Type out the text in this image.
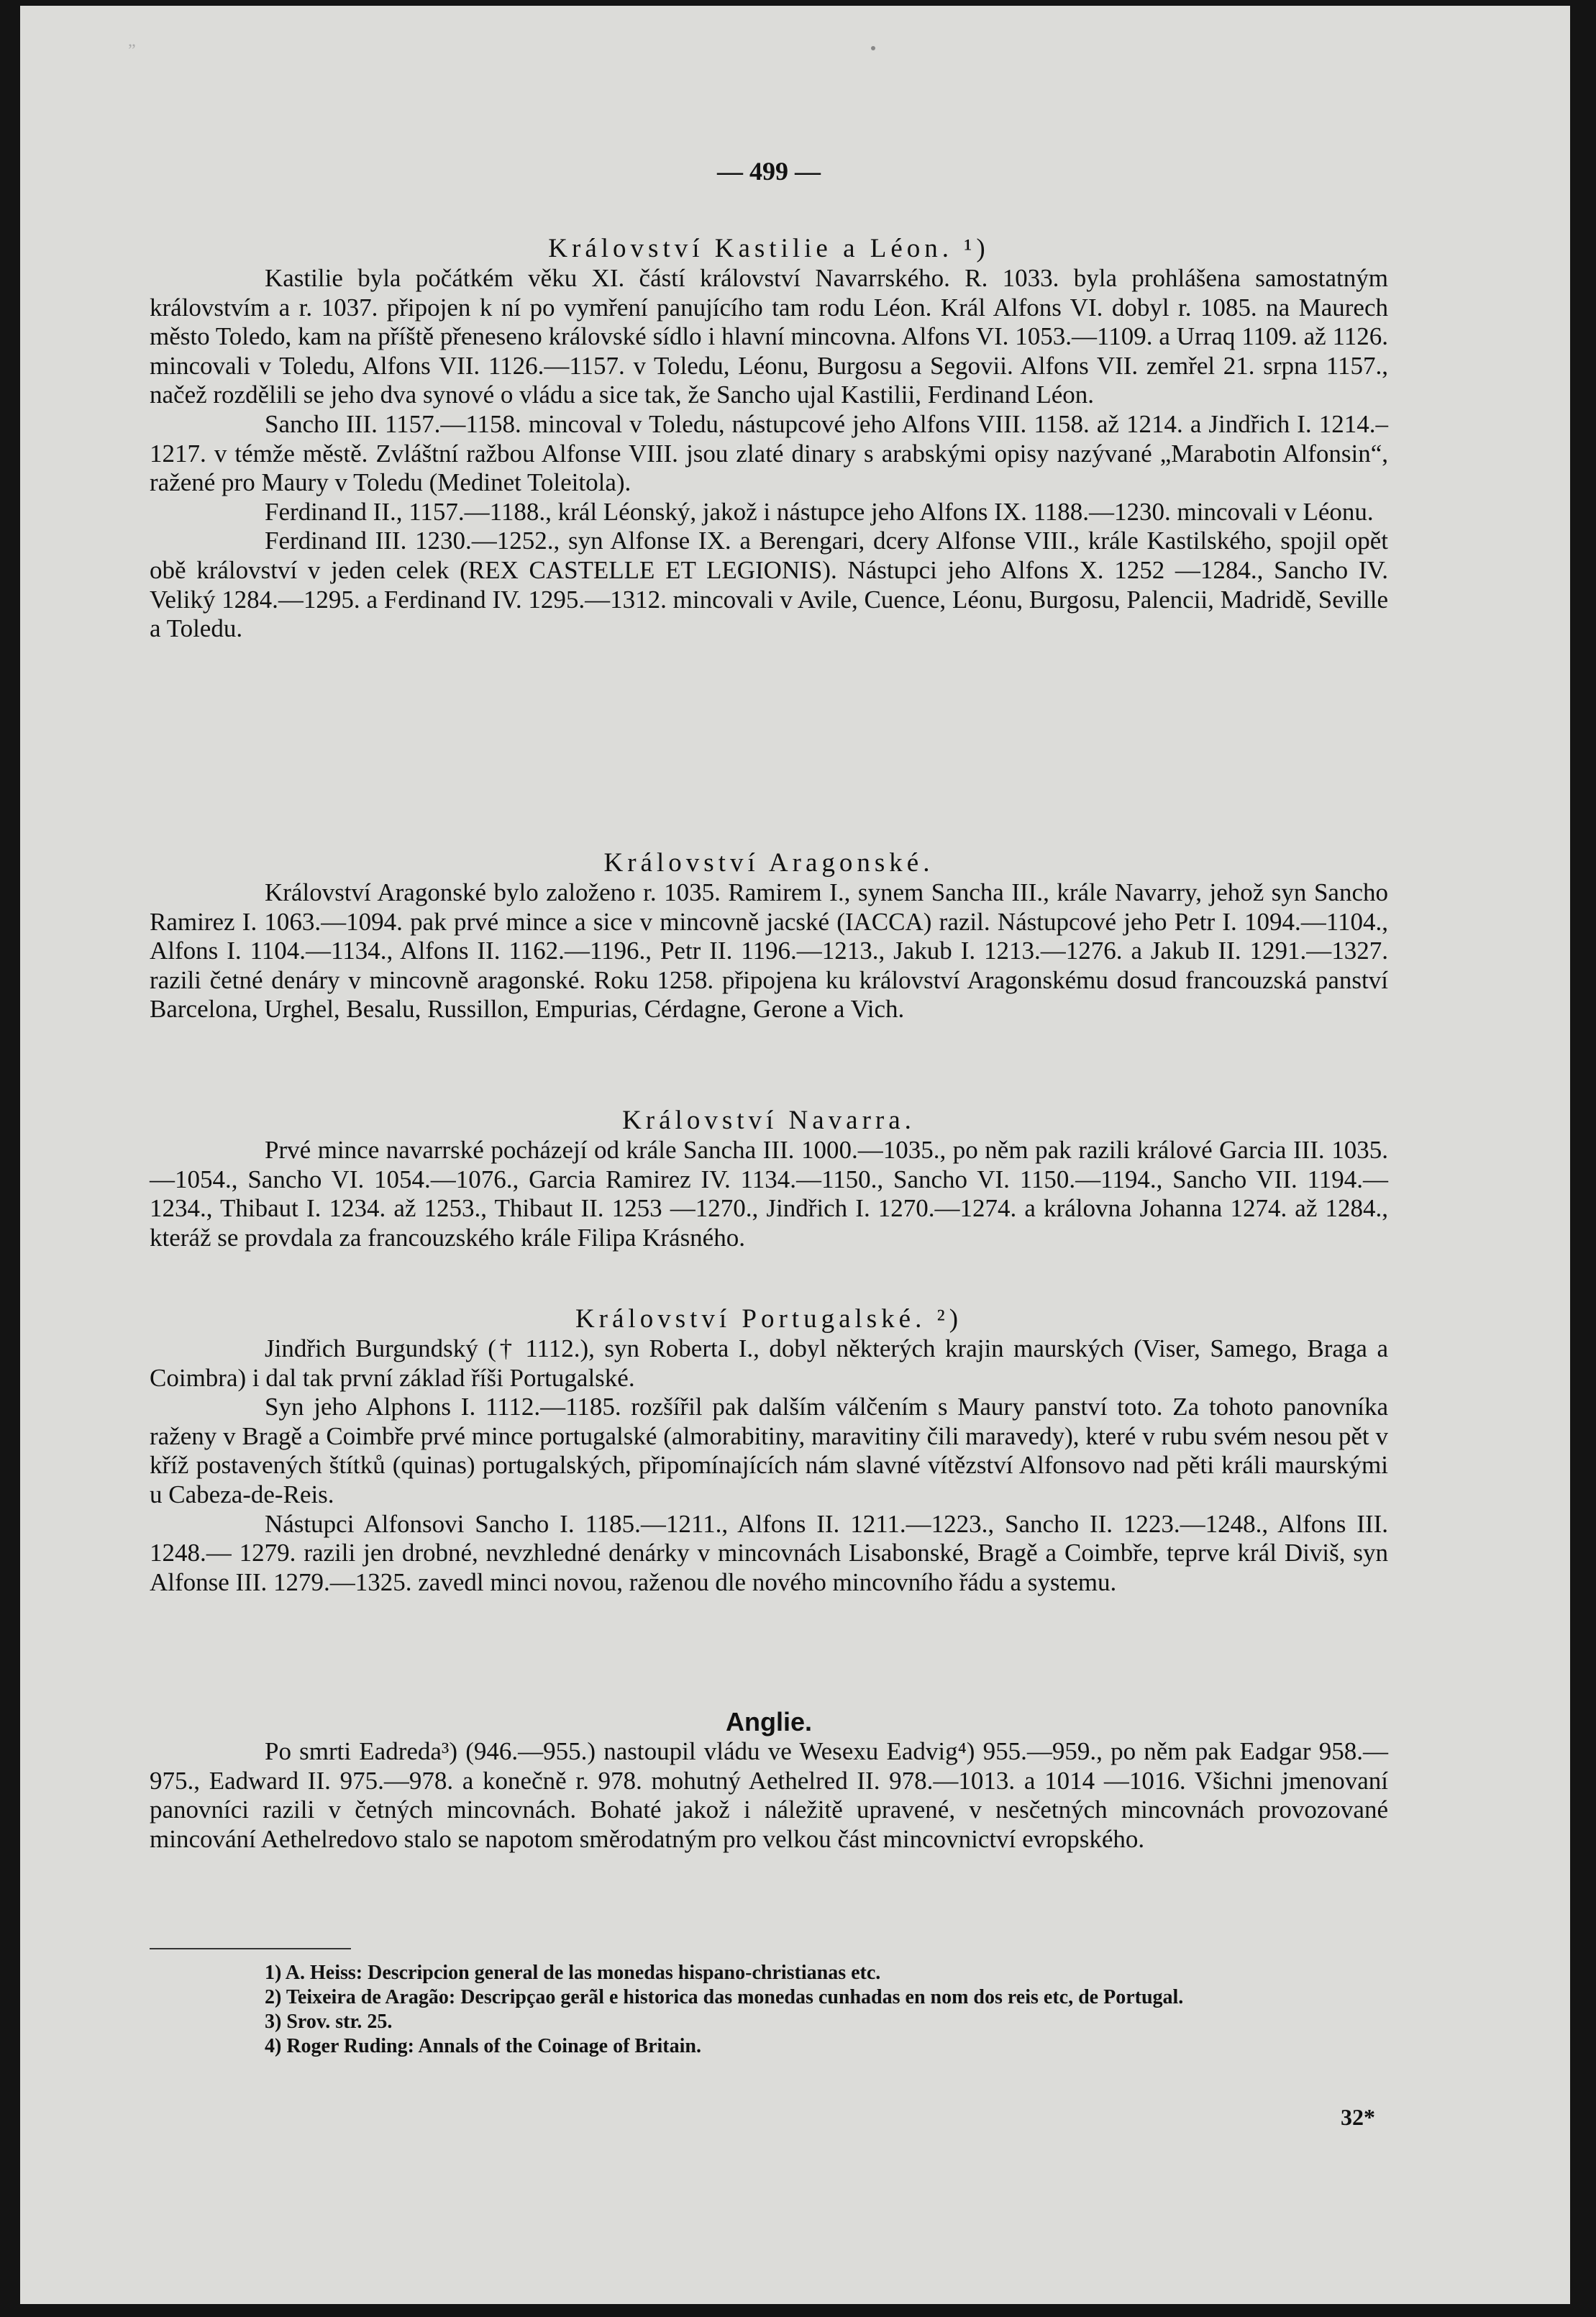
— 499 —
Království Kastilie a Léon. ¹)

Kastilie byla počátkém věku XI. částí království Navarrského. R. 1033. byla prohlášena samostatným královstvím a r. 1037. připojen k ní po vymření panujícího tam rodu Léon. Král Alfons VI. dobyl r. 1085. na Maurech město Toledo, kam na příště přeneseno královské sídlo i hlavní mincovna. Alfons VI. 1053.—1109. a Urraq 1109. až 1126. mincovali v Toledu, Alfons VII. 1126.—1157. v Toledu, Léonu, Burgosu a Segovii. Alfons VII. zemřel 21. srpna 1157., načež rozdělili se jeho dva synové o vládu a sice tak, že Sancho ujal Kastilii, Ferdinand Léon.

Sancho III. 1157.—1158. mincoval v Toledu, nástupcové jeho Alfons VIII. 1158. až 1214. a Jindřich I. 1214.–1217. v témže městě. Zvláštní ražbou Alfonse VIII. jsou zlaté dinary s arabskými opisy nazývané „Marabotin Alfonsin“, ražené pro Maury v Toledu (Medinet Toleitola).

Ferdinand II., 1157.—1188., král Léonský, jakož i nástupce jeho Alfons IX. 1188.—1230. mincovali v Léonu.

Ferdinand III. 1230.—1252., syn Alfonse IX. a Berengari, dcery Alfonse VIII., krále Kastilského, spojil opět obě království v jeden celek (REX CASTELLE ET LEGIONIS). Nástupci jeho Alfons X. 1252 —1284., Sancho IV. Veliký 1284.—1295. a Ferdinand IV. 1295.—1312. mincovali v Avile, Cuence, Léonu, Burgosu, Palencii, Madridě, Seville a Toledu.

Království Aragonské.

Království Aragonské bylo založeno r. 1035. Ramirem I., synem Sancha III., krále Navarry, jehož syn Sancho Ramirez I. 1063.—1094. pak prvé mince a sice v mincovně jacské (IACCA) razil. Nástupcové jeho Petr I. 1094.—1104., Alfons I. 1104.—1134., Alfons II. 1162.—1196., Petr II. 1196.—1213., Jakub I. 1213.—1276. a Jakub II. 1291.—1327. razili četné denáry v mincovně aragonské. Roku 1258. připojena ku království Aragonskému dosud francouzská panství Barcelona, Urghel, Besalu, Russillon, Empurias, Cérdagne, Gerone a Vich.

Království Navarra.

Prvé mince navarrské pocházejí od krále Sancha III. 1000.—1035., po něm pak razili králové Garcia III. 1035.—1054., Sancho VI. 1054.—1076., Garcia Ramirez IV. 1134.—1150., Sancho VI. 1150.—1194., Sancho VII. 1194.—1234., Thibaut I. 1234. až 1253., Thibaut II. 1253 —1270., Jindřich I. 1270.—1274. a královna Johanna 1274. až 1284., kteráž se provdala za francouzského krále Filipa Krásného.

Království Portugalské. ²)

Jindřich Burgundský († 1112.), syn Roberta I., dobyl některých krajin maurských (Viser, Samego, Braga a Coimbra) i dal tak první základ říši Portugalské.

Syn jeho Alphons I. 1112.—1185. rozšířil pak dalším válčením s Maury panství toto. Za tohoto panovníka raženy v Bragě a Coimbře prvé mince portugalské (almorabitiny, maravitiny čili maravedy), které v rubu svém nesou pět v kříž postavených štítků (quinas) portugalských, připomínajících nám slavné vítězství Alfonsovo nad pěti králi maurskými u Cabeza-de-Reis.

Nástupci Alfonsovi Sancho I. 1185.—1211., Alfons II. 1211.—1223., Sancho II. 1223.—1248., Alfons III. 1248.— 1279. razili jen drobné, nevzhledné denárky v mincovnách Lisabonské, Bragě a Coimbře, teprve král Diviš, syn Alfonse III. 1279.—1325. zavedl minci novou, raženou dle nového mincovního řádu a systemu.

Anglie.

Po smrti Eadreda³) (946.—955.) nastoupil vládu ve Wesexu Eadvig⁴) 955.—959., po něm pak Eadgar 958.—975., Eadward II. 975.—978. a konečně r. 978. mohutný Aethelred II. 978.—1013. a 1014 —1016. Všichni jmenovaní panovníci razili v četných mincovnách. Bohaté jakož i náležitě upravené, v nesčetných mincovnách provozované mincování Aethelredovo stalo se napotom směrodatným pro velkou část mincovnictví evropského.

1) A. Heiss: Descripcion general de las monedas hispano-christianas etc.

2) Teixeira de Aragão: Descripçao gerãl e historica das monedas cunhadas en nom dos reis etc, de Portugal.

3) Srov. str. 25.

4) Roger Ruding: Annals of the Coinage of Britain.

32*
„
